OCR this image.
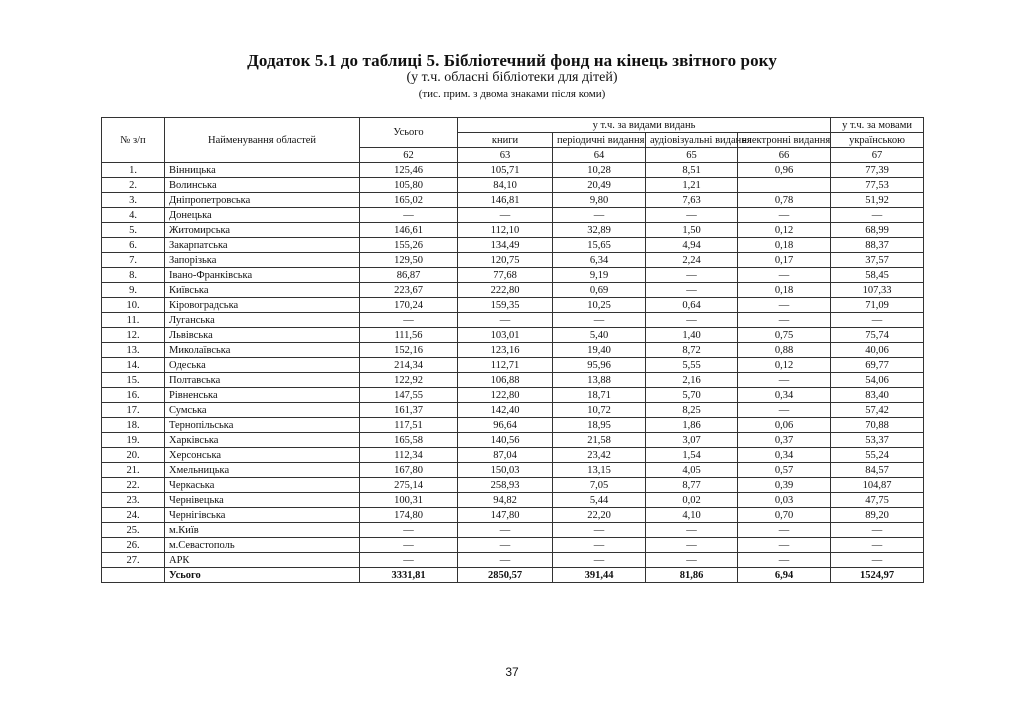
Додаток 5.1 до таблиці 5. Бібліотечний фонд на кінець звітного року
(у т.ч. обласні бібліотеки для дітей)
(тис. прим. з двома знаками після коми)
№ з/п	Найменування областей	Усього	у т.ч. за видами видань				у т.ч. за мовами
			книги	періодичні видання	аудіовізуальні видання	електронні видання	українською
		62	63	64	65	66	67
1.	Вінницька	125,46	105,71	10,28	8,51	0,96	77,39
2.	Волинська	105,80	84,10	20,49	1,21		77,53
3.	Дніпропетровська	165,02	146,81	9,80	7,63	0,78	51,92
4.	Донецька	—	—	—	—	—	—
5.	Житомирська	146,61	112,10	32,89	1,50	0,12	68,99
6.	Закарпатська	155,26	134,49	15,65	4,94	0,18	88,37
7.	Запорізька	129,50	120,75	6,34	2,24	0,17	37,57
8.	Івано-Франківська	86,87	77,68	9,19	—	—	58,45
9.	Київська	223,67	222,80	0,69	—	0,18	107,33
10.	Кіровоградська	170,24	159,35	10,25	0,64	—	71,09
11.	Луганська	—	—	—	—	—	—
12.	Львівська	111,56	103,01	5,40	1,40	0,75	75,74
13.	Миколаївська	152,16	123,16	19,40	8,72	0,88	40,06
14.	Одеська	214,34	112,71	95,96	5,55	0,12	69,77
15.	Полтавська	122,92	106,88	13,88	2,16	—	54,06
16.	Рівненська	147,55	122,80	18,71	5,70	0,34	83,40
17.	Сумська	161,37	142,40	10,72	8,25	—	57,42
18.	Тернопільська	117,51	96,64	18,95	1,86	0,06	70,88
19.	Харківська	165,58	140,56	21,58	3,07	0,37	53,37
20.	Херсонська	112,34	87,04	23,42	1,54	0,34	55,24
21.	Хмельницька	167,80	150,03	13,15	4,05	0,57	84,57
22.	Черкаська	275,14	258,93	7,05	8,77	0,39	104,87
23.	Чернівецька	100,31	94,82	5,44	0,02	0,03	47,75
24.	Чернігівська	174,80	147,80	22,20	4,10	0,70	89,20
25.	м.Київ	—	—	—	—	—	—
26.	м.Севастополь	—	—	—	—	—	—
27.	АРК	—	—	—	—	—	—
	Усього	3331,81	2850,57	391,44	81,86	6,94	1524,97
37
